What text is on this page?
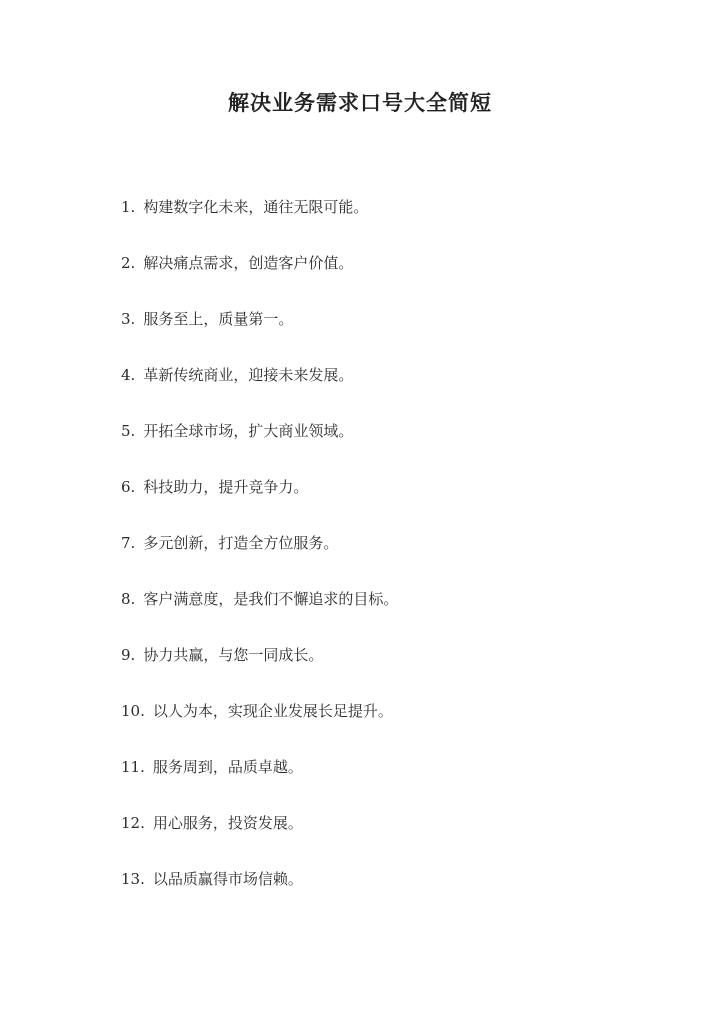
解决业务需求口号大全简短
1. 构建数字化未来，通往无限可能。
2. 解决痛点需求，创造客户价值。
3. 服务至上，质量第一。
4. 革新传统商业，迎接未来发展。
5. 开拓全球市场，扩大商业领域。
6. 科技助力，提升竞争力。
7. 多元创新，打造全方位服务。
8. 客户满意度，是我们不懈追求的目标。
9. 协力共赢，与您一同成长。
10. 以人为本，实现企业发展长足提升。
11. 服务周到，品质卓越。
12. 用心服务，投资发展。
13. 以品质赢得市场信赖。
